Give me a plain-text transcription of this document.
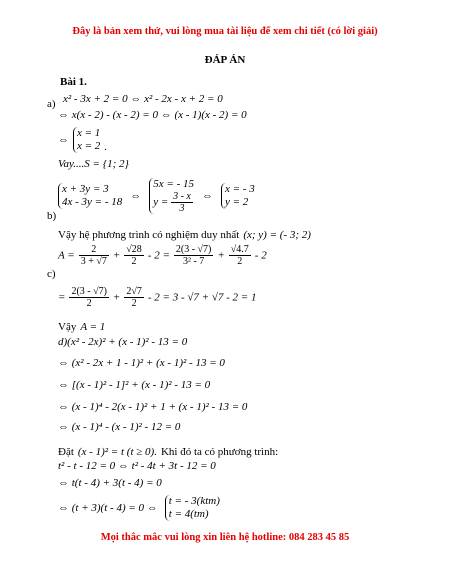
Đây là bản xem thử, vui lòng mua tài liệu để xem chi tiết (có lời giải)
ĐÁP ÁN
Bài 1.
a) x² - 3x + 2 = 0 ⇔ x² - 2x - x + 2 = 0
⇔ x(x - 2) - (x - 2) = 0 ⇔ (x - 1)(x - 2) = 0
⇔
x = 1
x = 2 .
Vay....S = {1; 2}
x + 3y = 3
4x - 3y = - 18 ⇔
5x = - 15
$y = \frac{3 - x}{3}$ ⇔
x = - 3
y = 2
b)
Vậy hệ phương trình có nghiệm duy nhất (x; y) = (- 3; 2)
c)
$A = \frac{2}{3 + √7} + \frac{√28}{2} - 2 = \frac{2(3 - √7)}{\text{3² - 7}} + \frac{√4.7}{2} - 2$
= $\frac{2(3 - √7)}{2} + \frac{2√7}{2} - 2 = 3 - √7 + √7 - 2 = 1$
Vậy A = 1
d)(x² - 2x)² + (x - 1)² - 13 = 0
⇔ (x² - 2x + 1 - 1)² + (x - 1)² - 13 = 0
⇔ [(x - 1)² - 1]² + (x - 1)² - 13 = 0
⇔ (x - 1)⁴ - 2(x - 1)² + 1 + (x - 1)² - 13 = 0
⇔ (x - 1)⁴ - (x - 1)² - 12 = 0
Đặt (x - 1)² = t (t ≥ 0). Khi đó ta có phương trình:
t² - t - 12 = 0 ⇔ t² - 4t + 3t - 12 = 0
⇔ t(t - 4) + 3(t - 4) = 0
⇔ (t + 3)(t - 4) = 0 ⇔
t = - 3(ktm)
t = 4(tm)
Mọi thắc mắc vui lòng xin liên hệ hotline: 084 283 45 85
